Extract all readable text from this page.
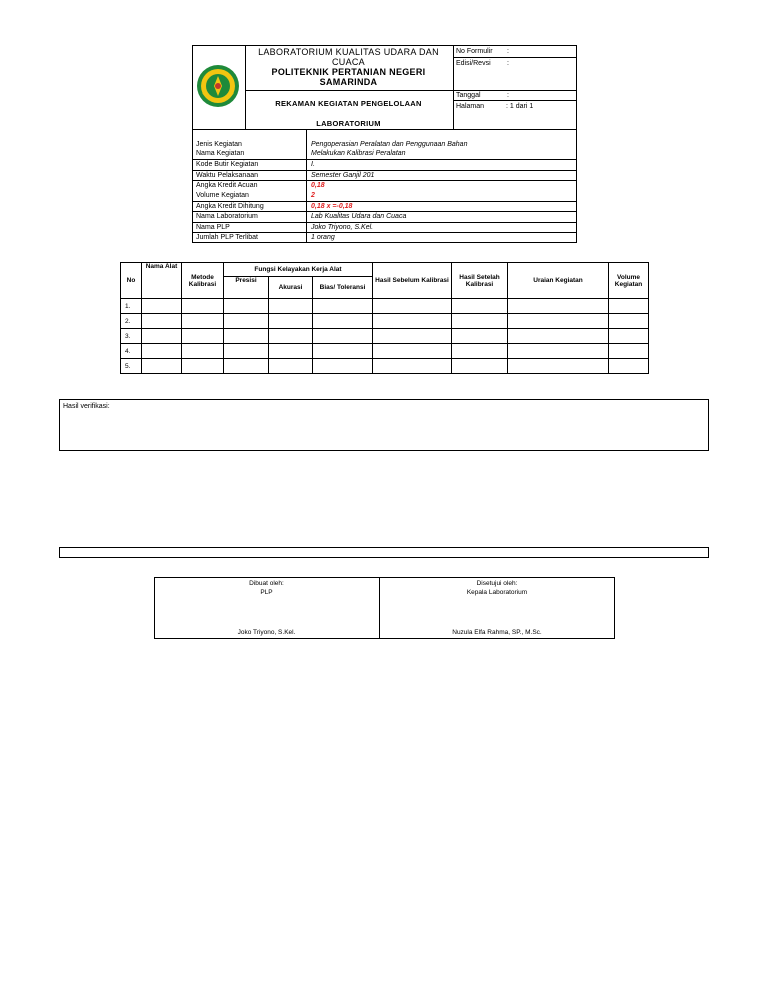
LABORATORIUM KUALITAS UDARA DAN
CUACA
POLITEKNIK PERTANIAN NEGERI
SAMARINDA
REKAMAN KEGIATAN PENGELOLAAN
LABORATORIUM
No Formulir :
Edisi/Revsi :
Tanggal	:
Halaman	: 1 dari 1
Jenis Kegiatan	Pengoperasian Peralatan dan Penggunaan Bahan
Nama Kegiatan	Melakukan Kalibrasi Peralatan
Kode Butir Kegiatan	I.
Waktu Pelaksanaan	Semester Ganjil 201
Angka Kredit Acuan	0,18
Volume Kegiatan	2
Angka Kredit Dihitung	0,18 x =-0,18
Nama Laboratorium	Lab Kualitas Udara dan Cuaca
Nama PLP	Joko Triyono, S.Kel.
Jumlah PLP Terlibat	1 orang
No	Nama Alat	Metode Kalibrasi	Fungsi Kelayakan Kerja Alat			Hasil Sebelum Kalibrasi	Hasil Setelah Kalibrasi	Uraian Kegiatan	Volume Kegiatan
			Presisi	Akurasi	Bias/ Toleransi				
1.									
2.									
3.									
4.									
5.									
Hasil verifikasi:
Dibuat oleh:
PLP
Joko Triyono, S.Kel.
Disetujui oleh:
Kepala Laboratorium
Nuzula Elfa Rahma, SP., M.Sc.
